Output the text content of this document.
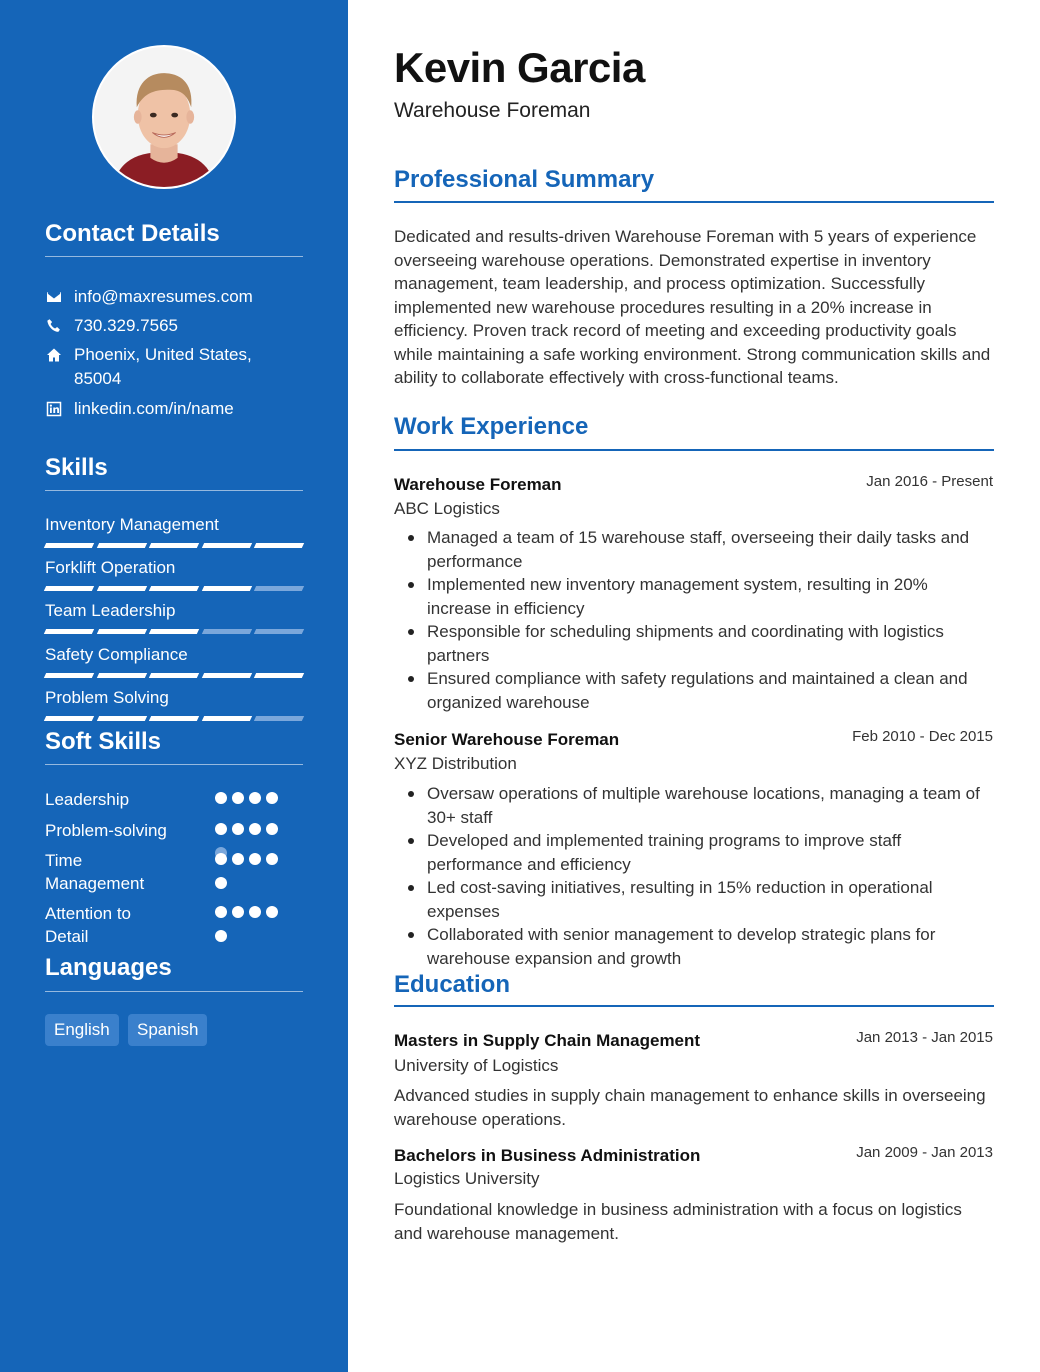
Contact Details
info@maxresumes.com
730.329.7565
Phoenix, United States, 85004
linkedin.com/in/name
Skills
Inventory Management
Forklift Operation
Team Leadership
Safety Compliance
Problem Solving
Soft Skills
Leadership
Problem-solving
Time Management
Attention to Detail
Languages
English	Spanish
Kevin Garcia
Warehouse Foreman
Professional Summary
Dedicated and results-driven Warehouse Foreman with 5 years of experience overseeing warehouse operations. Demonstrated expertise in inventory management, team leadership, and process optimization. Successfully implemented new warehouse procedures resulting in a 20% increase in efficiency. Proven track record of meeting and exceeding productivity goals while maintaining a safe working environment. Strong communication skills and ability to collaborate effectively with cross-functional teams.
Work Experience
Warehouse Foreman	Jan 2016 - Present
ABC Logistics
Managed a team of 15 warehouse staff, overseeing their daily tasks and performance
Implemented new inventory management system, resulting in 20% increase in efficiency
Responsible for scheduling shipments and coordinating with logistics partners
Ensured compliance with safety regulations and maintained a clean and organized warehouse
Senior Warehouse Foreman	Feb 2010 - Dec 2015
XYZ Distribution
Oversaw operations of multiple warehouse locations, managing a team of 30+ staff
Developed and implemented training programs to improve staff performance and efficiency
Led cost-saving initiatives, resulting in 15% reduction in operational expenses
Collaborated with senior management to develop strategic plans for warehouse expansion and growth
Education
Masters in Supply Chain Management	Jan 2013 - Jan 2015
University of Logistics
Advanced studies in supply chain management to enhance skills in overseeing warehouse operations.
Bachelors in Business Administration	Jan 2009 - Jan 2013
Logistics University
Foundational knowledge in business administration with a focus on logistics and warehouse management.
